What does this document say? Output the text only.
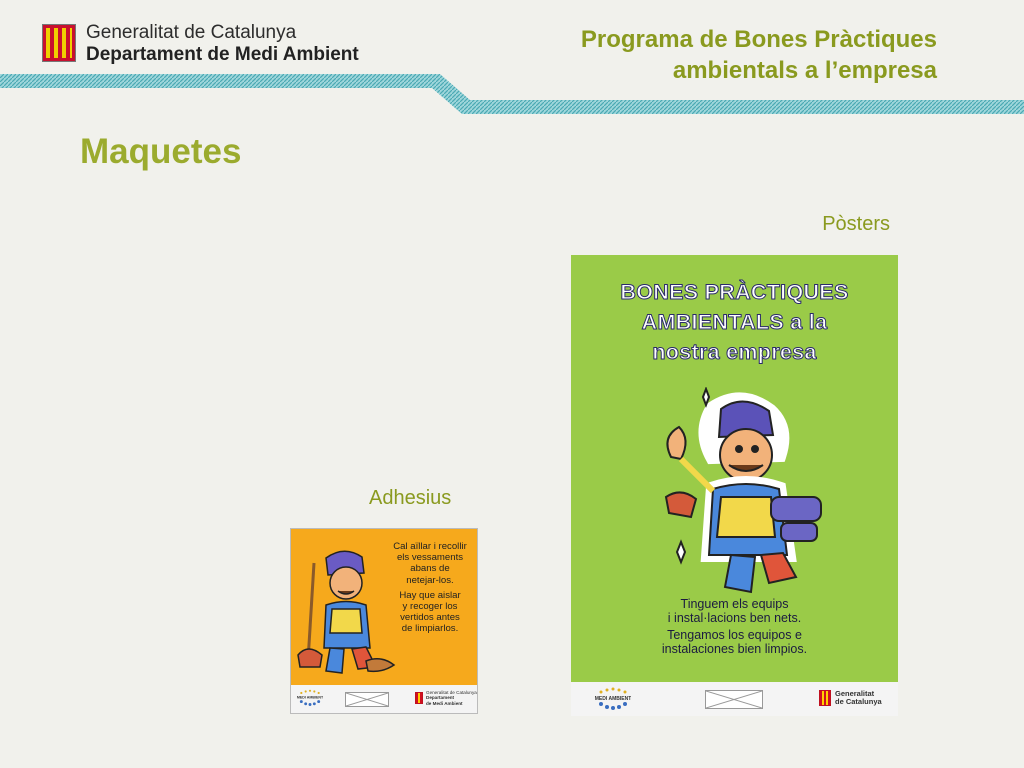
Generalitat de Catalunya
Departament de Medi Ambient
Programa de Bones Pràctiques
ambientals a l’empresa
Maquetes
Pòsters
Adhesius
BONES PRÀCTIQUES
AMBIENTALS a la
nostra empresa

Tinguem els equips

i instal·lacions ben nets.

Tengamos los equipos e

instalaciones bien limpios.

MEDI AMBIENT
Generalitat
de Catalunya

Cal aïllar i recollir

els vessaments

abans de

netejar-los.

Hay que aislar

y recoger los

vertidos antes

de limpiarlos.

MEDI AMBIENT
Generalitat de Catalunya
Departament
de Medi Ambient
